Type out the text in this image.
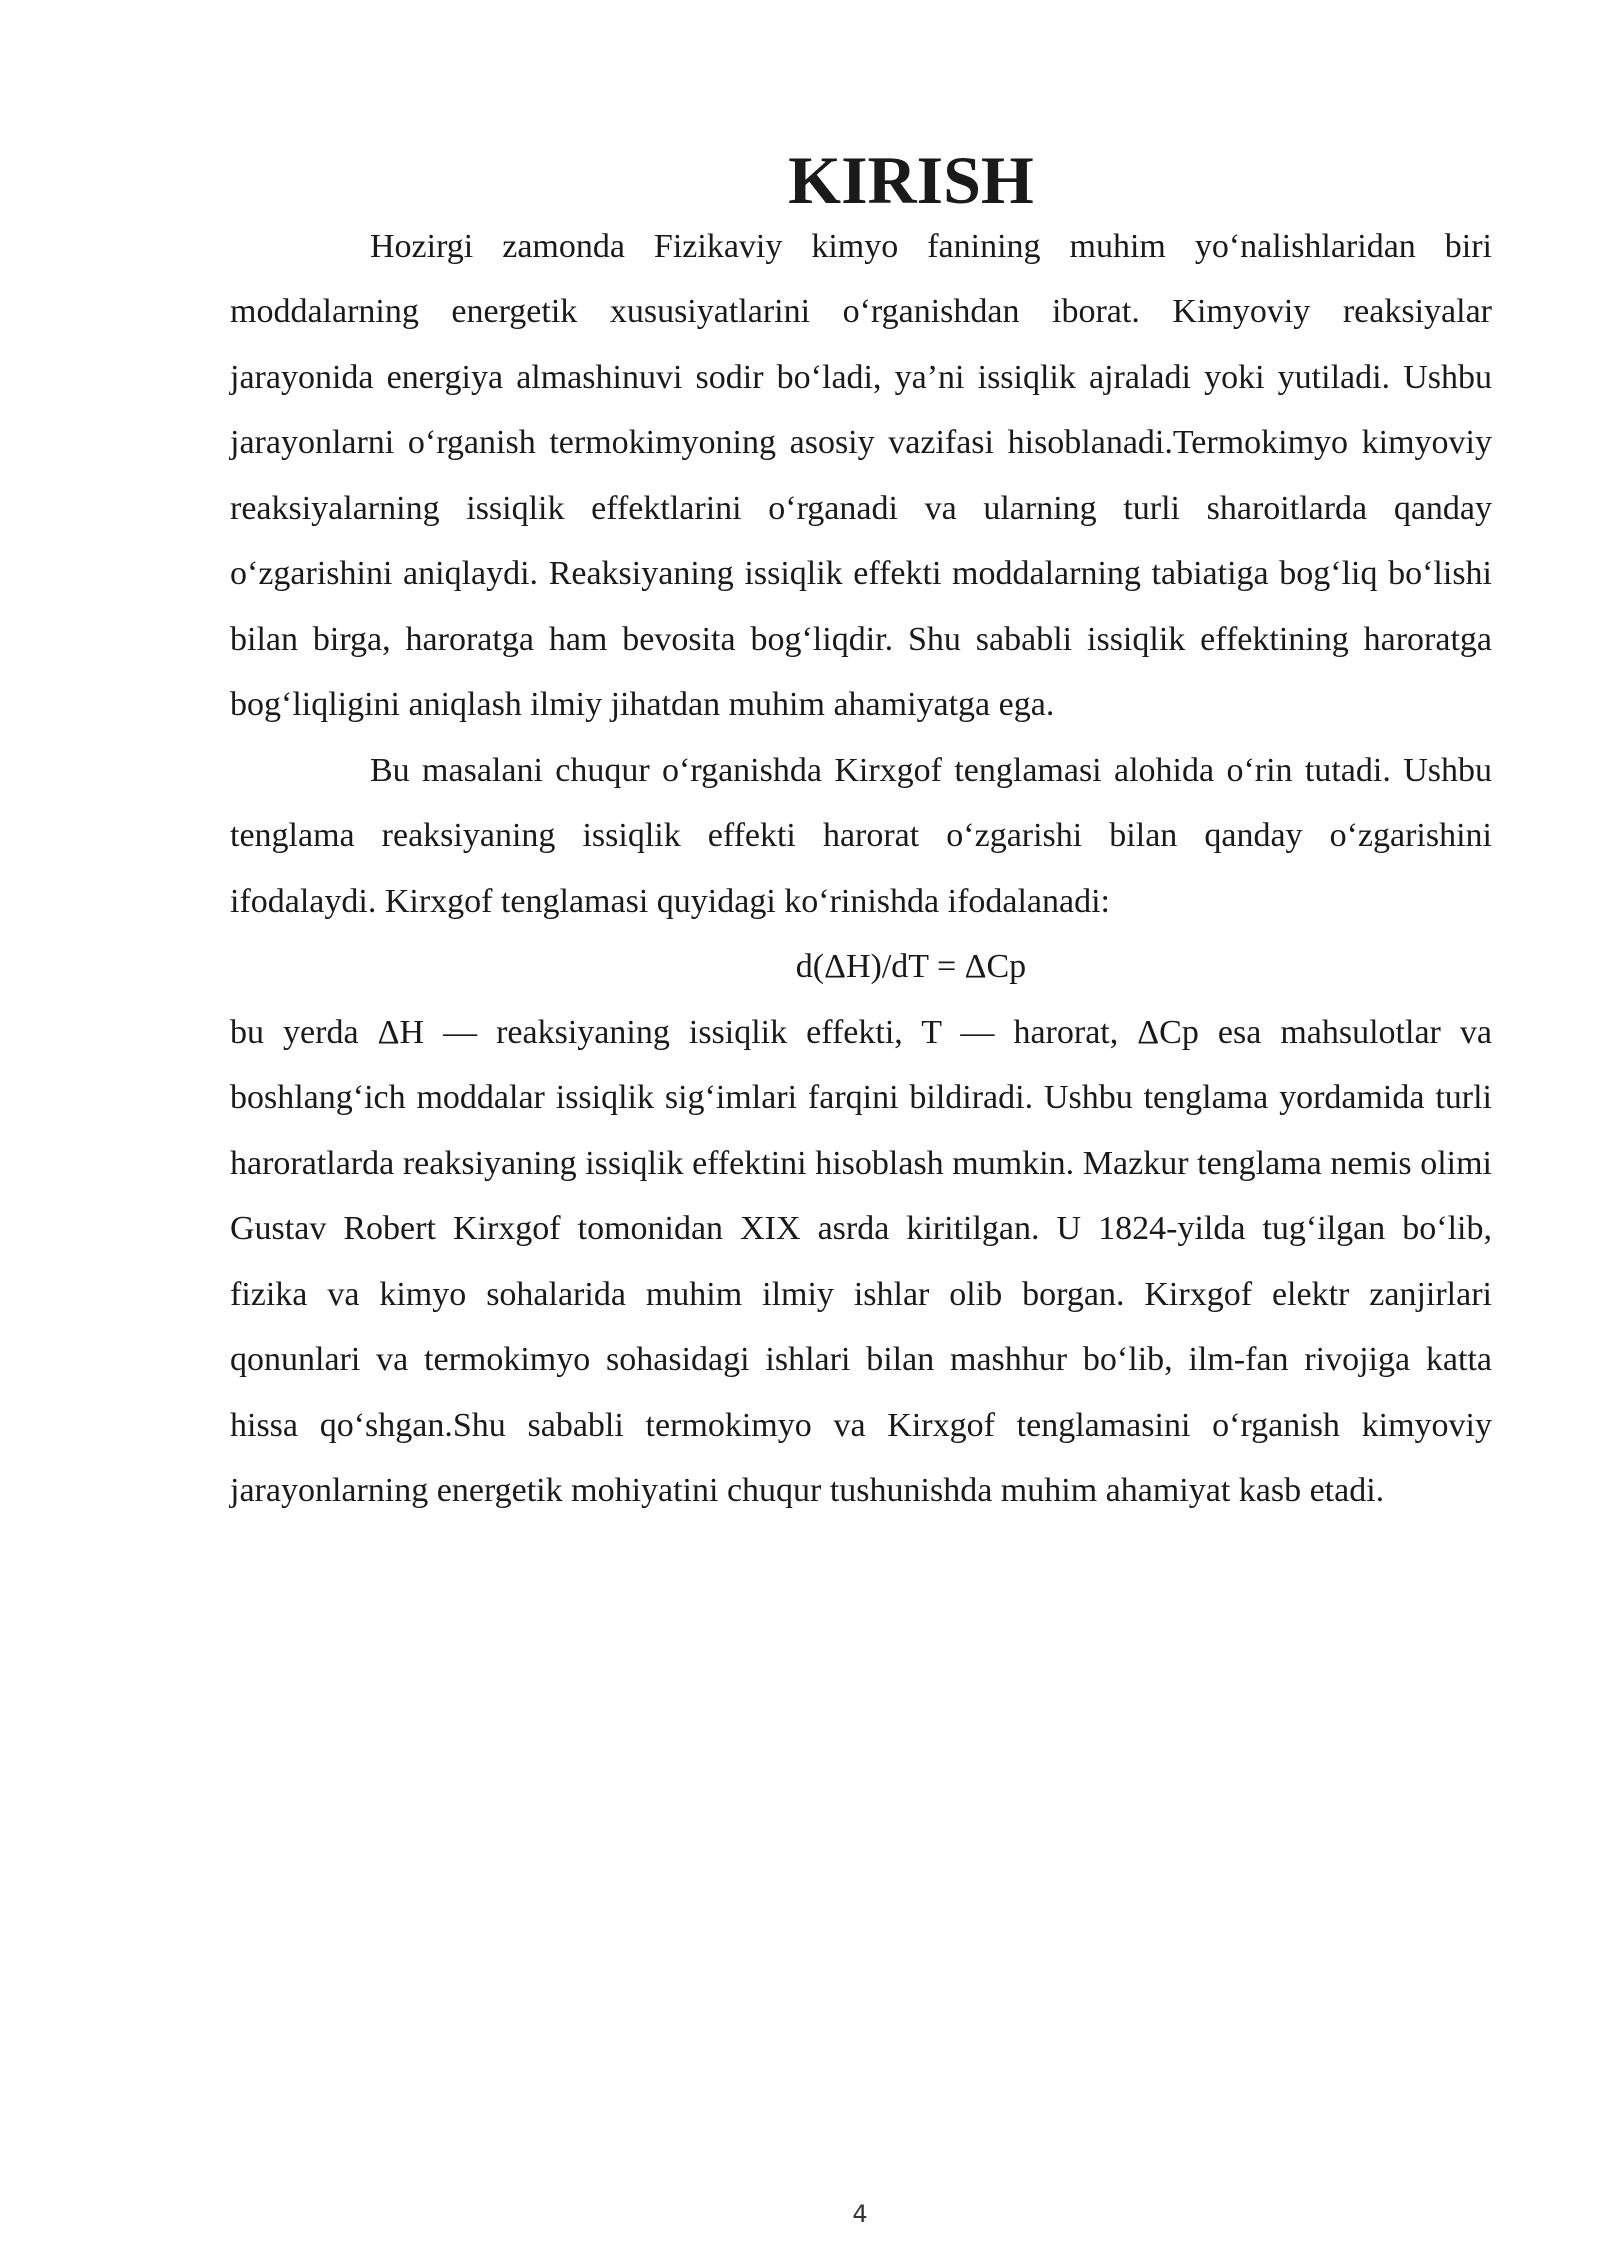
KIRISH

Hozirgi zamonda Fizikaviy kimyo fanining muhim yo‘nalishlaridan biri moddalarning energetik xususiyatlarini o‘rganishdan iborat. Kimyoviy reaksiyalar jarayonida energiya almashinuvi sodir bo‘ladi, ya’ni issiqlik ajraladi yoki yutiladi. Ushbu jarayonlarni o‘rganish termokimyoning asosiy vazifasi hisoblanadi.Termokimyo kimyoviy reaksiyalarning issiqlik effektlarini o‘rganadi va ularning turli sharoitlarda qanday o‘zgarishini aniqlaydi. Reaksiyaning issiqlik effekti moddalarning tabiatiga bog‘liq bo‘lishi bilan birga, haroratga ham bevosita bog‘liqdir. Shu sababli issiqlik effektining haroratga bog‘liqligini aniqlash ilmiy jihatdan muhim ahamiyatga ega.

Bu masalani chuqur o‘rganishda Kirxgof tenglamasi alohida o‘rin tutadi. Ushbu tenglama reaksiyaning issiqlik effekti harorat o‘zgarishi bilan qanday o‘zgarishini ifodalaydi. Kirxgof tenglamasi quyidagi ko‘rinishda ifodalanadi:

d(ΔH)/dT = ΔCp

bu yerda ΔH — reaksiyaning issiqlik effekti, T — harorat, ΔCp esa mahsulotlar va boshlang‘ich moddalar issiqlik sig‘imlari farqini bildiradi. Ushbu tenglama yordamida turli haroratlarda reaksiyaning issiqlik effektini hisoblash mumkin. Mazkur tenglama nemis olimi Gustav Robert Kirxgof tomonidan XIX asrda kiritilgan. U 1824-yilda tug‘ilgan bo‘lib, fizika va kimyo sohalarida muhim ilmiy ishlar olib borgan. Kirxgof elektr zanjirlari qonunlari va termokimyo sohasidagi ishlari bilan mashhur bo‘lib, ilm-fan rivojiga katta hissa qo‘shgan.Shu sababli termokimyo va Kirxgof tenglamasini o‘rganish kimyoviy jarayonlarning energetik mohiyatini chuqur tushunishda muhim ahamiyat kasb etadi.

4
